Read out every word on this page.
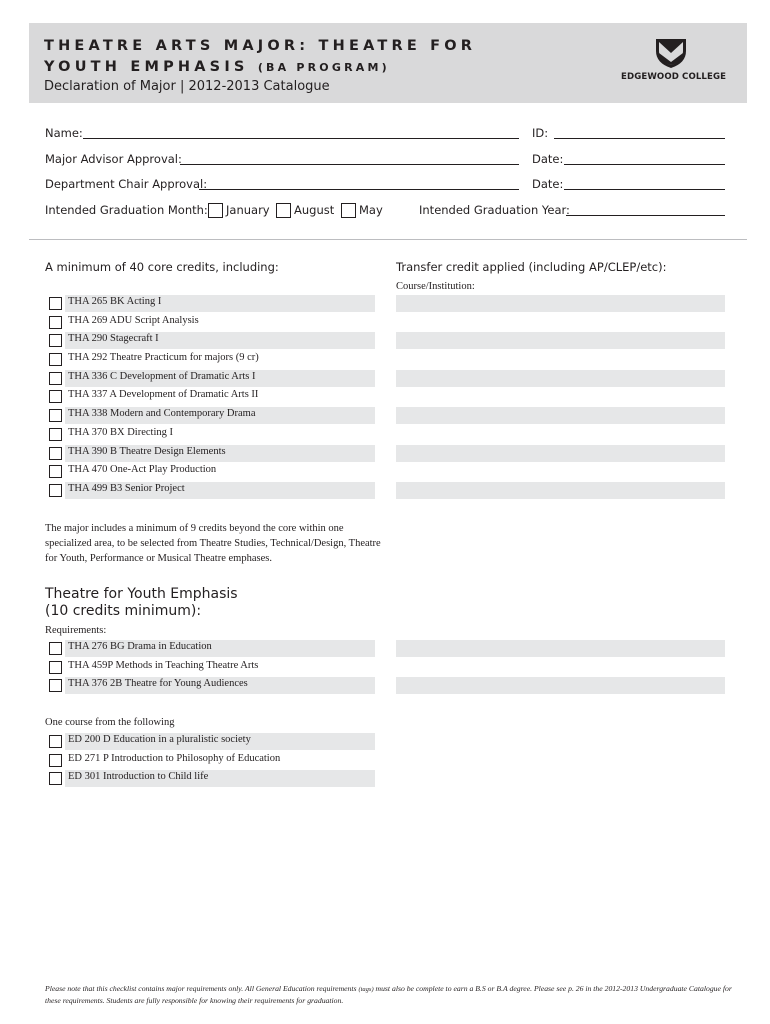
THEATRE ARTS MAJOR: THEATRE FOR
YOUTH EMPHASIS (BA PROGRAM)
Declaration of Major | 2012-2013 Catalogue
EDGEWOOD COLLEGE
Name:	ID:
Major Advisor Approval:	Date:
Department Chair Approval:	Date:
Intended Graduation Month: January August May	Intended Graduation Year:
A minimum of 40 core credits, including:	Transfer credit applied (including AP/CLEP/etc):
Course/Institution:
THA 265 BK Acting I
THA 269 ADU Script Analysis
THA 290 Stagecraft I
THA 292 Theatre Practicum for majors (9 cr)
THA 336 C Development of Dramatic Arts I
THA 337 A Development of Dramatic Arts II
THA 338 Modern and Contemporary Drama
THA 370 BX Directing I
THA 390 B Theatre Design Elements
THA 470 One-Act Play Production
THA 499 B3 Senior Project
The major includes a minimum of 9 credits beyond the core within one specialized area, to be selected from Theatre Studies, Technical/Design, Theatre for Youth, Performance or Musical Theatre emphases.
Theatre for Youth Emphasis
(10 credits minimum):
Requirements:
THA 276 BG Drama in Education
THA 459P Methods in Teaching Theatre Arts
THA 376 2B Theatre for Young Audiences
One course from the following
ED 200 D Education in a pluralistic society
ED 271 P Introduction to Philosophy of Education
ED 301 Introduction to Child life
Please note that this checklist contains major requirements only. All General Education requirements (tags) must also be complete to earn a B.S or B.A degree. Please see p. 26 in the 2012-2013 Undergraduate Catalogue for these requirements. Students are fully responsible for knowing their requirements for graduation.
